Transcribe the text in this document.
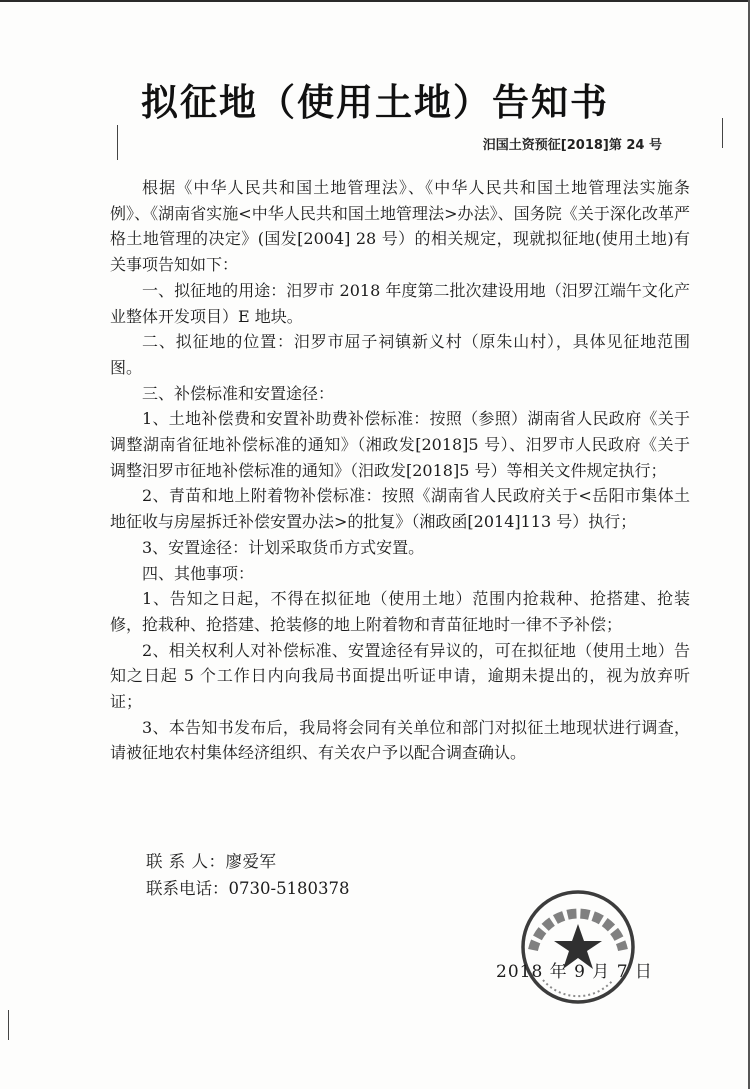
拟征地（使用土地）告知书
汨国土资预征[2018]第 24 号

根据《中华人民共和国土地管理法》、《中华人民共和国土地管理法实施条例》、《湖南省实施<中华人民共和国土地管理法>办法》、国务院《关于深化改革严格土地管理的决定》(国发[2004] 28 号）的相关规定，现就拟征地(使用土地)有关事项告知如下：

一、拟征地的用途：汨罗市 2018 年度第二批次建设用地（汨罗江端午文化产业整体开发项目）E 地块。

二、拟征地的位置：汨罗市屈子祠镇新义村（原朱山村），具体见征地范围图。

三、补偿标准和安置途径：

1、土地补偿费和安置补助费补偿标准：按照（参照）湖南省人民政府《关于调整湖南省征地补偿标准的通知》（湘政发[2018]5 号）、汨罗市人民政府《关于调整汨罗市征地补偿标准的通知》（汨政发[2018]5 号）等相关文件规定执行；

2、青苗和地上附着物补偿标准：按照《湖南省人民政府关于<岳阳市集体土地征收与房屋拆迁补偿安置办法>的批复》（湘政函[2014]113 号）执行；

3、安置途径：计划采取货币方式安置。

四、其他事项：

1、告知之日起，不得在拟征地（使用土地）范围内抢栽种、抢搭建、抢装修，抢栽种、抢搭建、抢装修的地上附着物和青苗征地时一律不予补偿；

2、相关权利人对补偿标准、安置途径有异议的，可在拟征地（使用土地）告知之日起 5 个工作日内向我局书面提出听证申请，逾期未提出的，视为放弃听证；

3、本告知书发布后，我局将会同有关单位和部门对拟征土地现状进行调查，请被征地农村集体经济组织、有关农户予以配合调查确认。

联 系 人：廖爱军
联系电话：0730-5180378
2018 年 9 月 7 日
